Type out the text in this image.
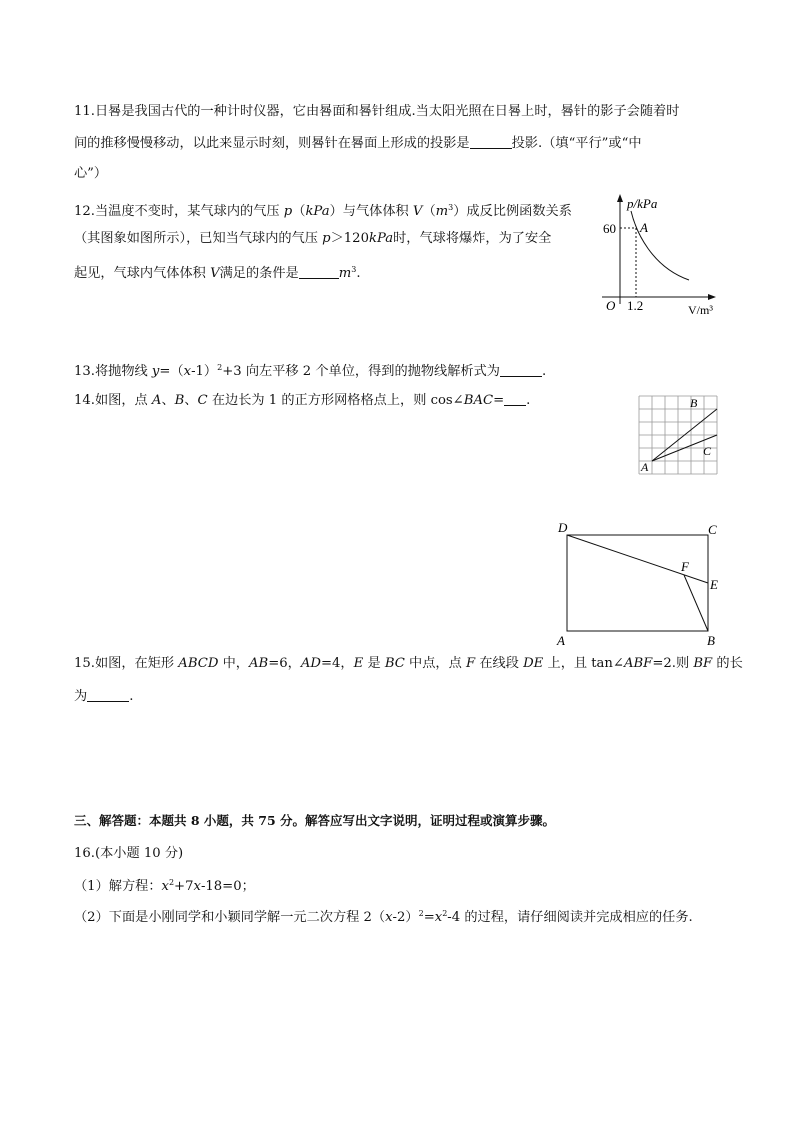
11.日晷是我国古代的一种计时仪器，它由晷面和晷针组成.当太阳光照在日晷上时，晷针的影子会随着时
间的推移慢慢移动，以此来显示时刻，则晷针在晷面上形成的投影是	投影.（填“平行”或“中
心”）
12.当温度不变时，某气球内的气压 p（kPa）与气体体积 $V(m^3)$成反比例函数关系
（其图象如图所示），已知当气球内的气压 p＞120kPa时，气球将爆炸，为了安全
起见，气球内气体体积 V满足的条件是	$m^3$.
p/kPa
V/m³
O
60
1.2
A
13.将抛物线 $y=(x-1)^2+3$ 向左平移 2 个单位，得到的抛物线解析式为	.
14.如图，点 A、B、C 在边长为 1 的正方形网格格点上，则 cos∠BAC= .
A
B
C
D	C
F
E
A	B
15.如图，在矩形 ABCD 中，AB=6，AD=4，E 是 BC 中点，点 F 在线段 DE 上，且 tan∠ABF=2.则 BF 的长
为	.
三、解答题：本题共 8 小题，共 75 分。解答应写出文字说明，证明过程或演算步骤。
16.(本小题 10 分)
（1）解方程：$x^2+7x-18=0$；
（2）下面是小刚同学和小颖同学解一元二次方程 $2(x-2)^2=x^2-4$ 的过程，请仔细阅读并完成相应的任务.
